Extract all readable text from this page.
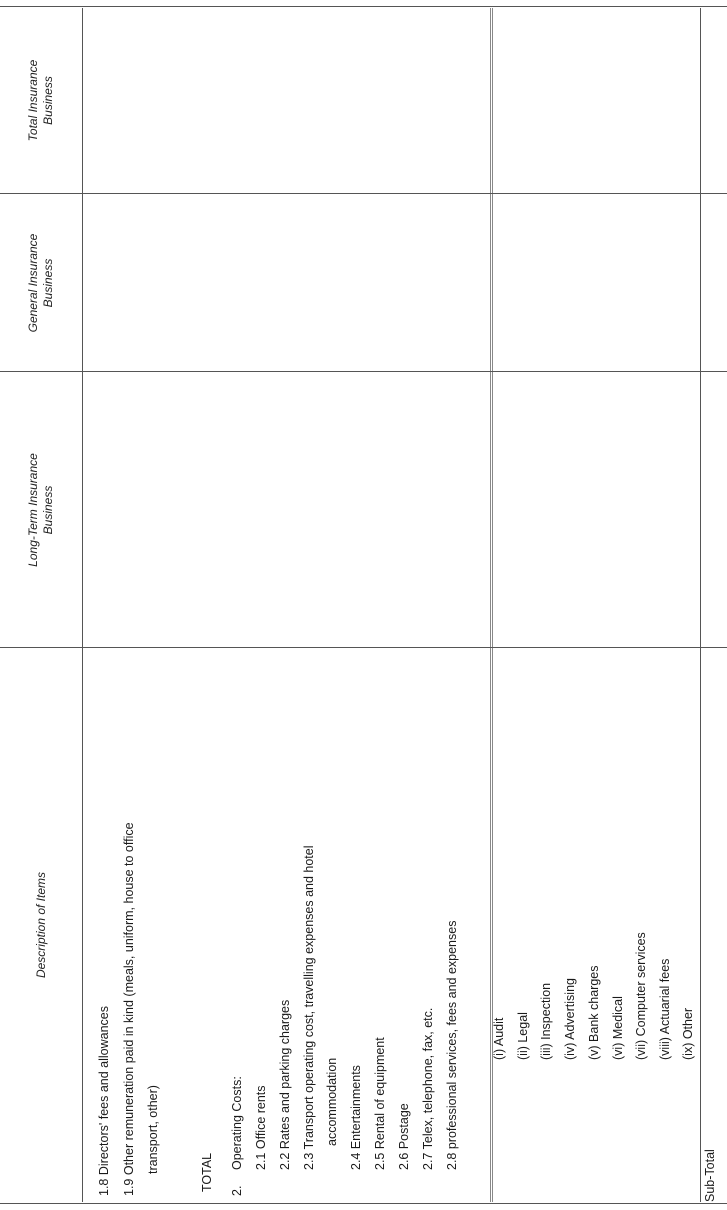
Description of Items
Long-Term Insurance Business
General Insurance Business
Total Insurance Business
1.8 Directors' fees and allowances 1.9 Other remuneration paid in kind (meals, uniform, house to office transport, other)	TOTAL 2.
Operating Costs: 2.1 Office rents 2.2 Rates and parking charges 2.3 Transport operating cost, travelling expenses and hotel accommodation 2.4 Entertainments 2.5 Rental of equipment 2.6 Postage 2.7 Telex, telephone, fax, etc. 2.8 professional services, fees and expenses	(i) Audit (ii) Legal (iii) Inspection (iv) Advertising (v) Bank charges (vi) Medical (vii) Computer services (viii) Actuarial fees (ix) Other
Sub-Total
